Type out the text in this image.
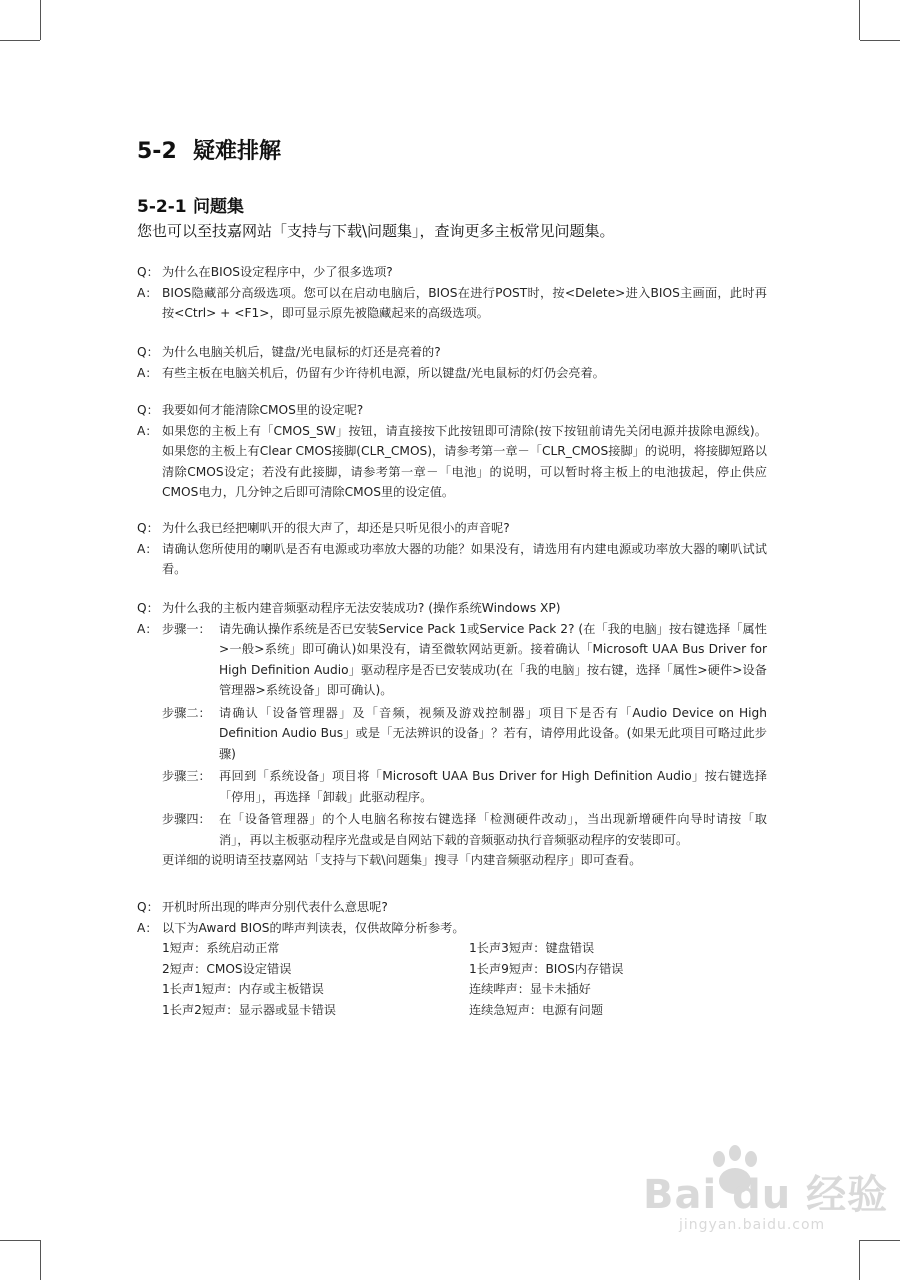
5-2 疑难排解
5-2-1 问题集

您也可以至技嘉网站「支持与下载\问题集」，查询更多主板常见问题集。

Q： 为什么在BIOS设定程序中，少了很多选项?
A： BIOS隐藏部分高级选项。您可以在启动电脑后，BIOS在进行POST时，按<Delete>进入BIOS主画面，此时再按<Ctrl> + <F1>，即可显示原先被隐藏起来的高级选项。
Q： 为什么电脑关机后，键盘/光电鼠标的灯还是亮着的?
A： 有些主板在电脑关机后，仍留有少许待机电源，所以键盘/光电鼠标的灯仍会亮着。
Q： 我要如何才能清除CMOS里的设定呢?
A： 如果您的主板上有「CMOS_SW」按钮，请直接按下此按钮即可清除(按下按钮前请先关闭电源并拔除电源线)。如果您的主板上有Clear CMOS接脚(CLR_CMOS)，请参考第一章－「CLR_CMOS接脚」的说明，将接脚短路以清除CMOS设定；若没有此接脚，请参考第一章－「电池」的说明，可以暂时将主板上的电池拔起，停止供应CMOS电力，几分钟之后即可清除CMOS里的设定值。
Q： 为什么我已经把喇叭开的很大声了，却还是只听见很小的声音呢?
A： 请确认您所使用的喇叭是否有电源或功率放大器的功能？如果没有，请选用有内建电源或功率放大器的喇叭试试看。
Q： 为什么我的主板内建音频驱动程序无法安装成功? (操作系统Windows XP)
A： 步骤一： 请先确认操作系统是否已安装Service Pack 1或Service Pack 2? (在「我的电脑」按右键选择「属性>一般>系统」即可确认)如果没有，请至微软网站更新。接着确认「Microsoft UAA Bus Driver for High Definition Audio」驱动程序是否已安装成功(在「我的电脑」按右键，选择「属性>硬件>设备管理器>系统设备」即可确认)。
步骤二： 请确认「设备管理器」及「音频，视频及游戏控制器」项目下是否有「Audio Device on High Definition Audio Bus」或是「无法辨识的设备」？若有，请停用此设备。(如果无此项目可略过此步骤)
步骤三： 再回到「系统设备」项目将「Microsoft UAA Bus Driver for High Definition Audio」按右键选择「停用」，再选择「卸载」此驱动程序。
步骤四： 在「设备管理器」的个人电脑名称按右键选择「检测硬件改动」，当出现新增硬件向导时请按「取消」，再以主板驱动程序光盘或是自网站下载的音频驱动执行音频驱动程序的安装即可。
更详细的说明请至技嘉网站「支持与下载\问题集」搜寻「内建音频驱动程序」即可查看。
Q： 开机时所出现的哔声分别代表什么意思呢?
A： 以下为Award BIOS的哔声判读表，仅供故障分析参考。
1短声：系统启动正常	1长声3短声：键盘错误
2短声：CMOS设定错误	1长声9短声：BIOS内存错误
1长声1短声：内存或主板错误	连续哔声：显卡未插好
1长声2短声：显示器或显卡错误	连续急短声：电源有问题
Bai du 经验
jingyan.baidu.com
